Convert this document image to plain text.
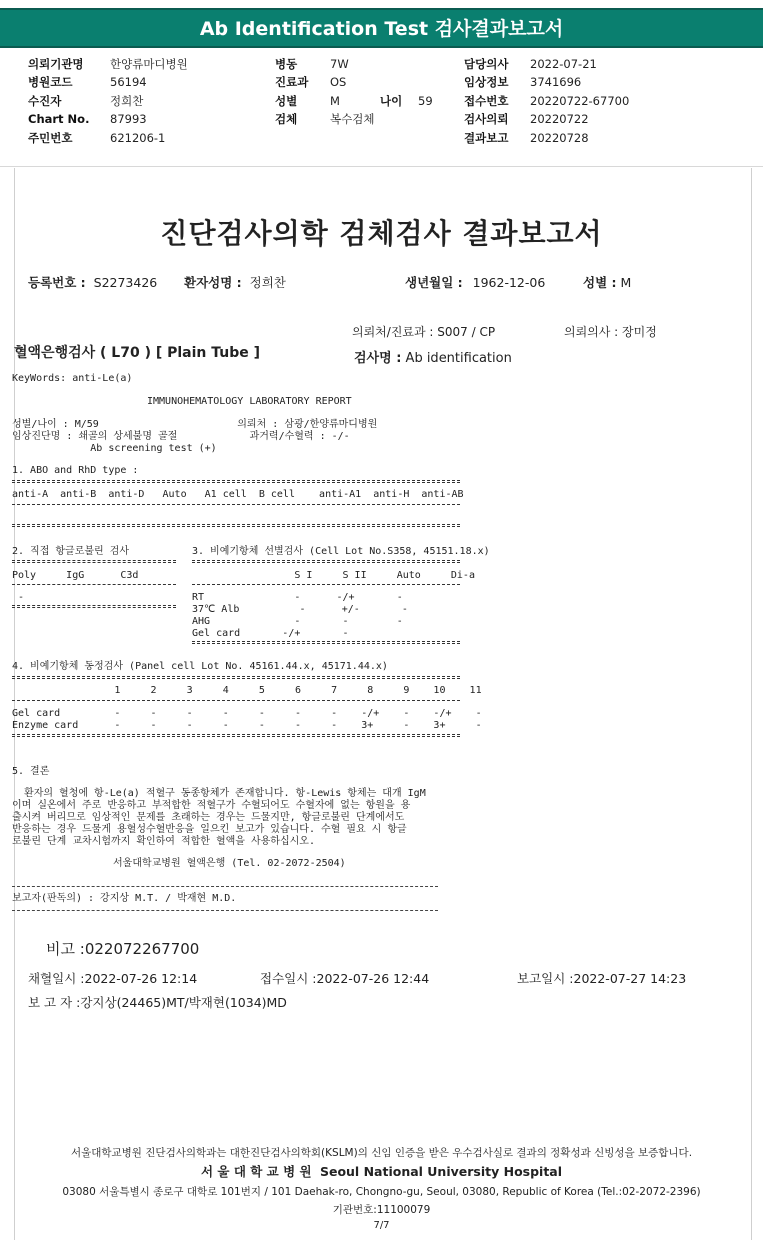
Ab Identification Test 검사결과보고서
의뢰기관명	한양류마디병원
병원코드	56194
수진자	정희찬
Chart No.	87993
주민번호	621206-1
병동	7W
진료과	OS
성별	M	나이	59
검체	복수검체
담당의사	2022-07-21
임상정보	3741696
접수번호	20220722-67700
검사의뢰	20220722
결과보고	20220728
진단검사의학 검체검사 결과보고서
등록번호 : S2273426 환자성명 : 정희찬	생년월일 : 1962-12-06	성별 : M
의뢰처/진료과 : S007 / CP	의뢰의사 : 장미정
혈액은행검사 ( L70 ) [ Plain Tube ]	검사명 : Ab identification
KeyWords: anti-Le(a)
IMMUNOHEMATOLOGY LABORATORY REPORT
성별/나이 : M/59                       의뢰처 : 삼광/한양류마디병원
임상진단명 : 쇄골의 상세불명 골절            과거력/수혈력 : -/-
Ab screening test (+)
1. ABO and RhD type :
anti-A  anti-B  anti-D   Auto   A1 cell  B cell    anti-A1  anti-H  anti-AB
2. 직접 항글로불린 검사	3. 비예기항체 선별검사 (Cell Lot No.S358, 45151.18.x)
Poly     IgG      C3d	S I     S II     Auto     Di-a
-	RT               -      -/+       -
37℃ Alb          -      +/-       -
AHG              -       -        -
Gel card       -/+       -
4. 비예기항체 동정검사 (Panel cell Lot No. 45161.44.x, 45171.44.x)
1     2     3     4     5     6     7     8     9    10    11
Gel card         -     -     -     -     -     -     -    -/+    -    -/+    -
Enzyme card      -     -     -     -     -     -     -    3+     -    3+     -
5. 결론
환자의 혈청에 항-Le(a) 적혈구 동종항체가 존재합니다. 항-Lewis 항체는 대개 IgM
이며 실온에서 주로 반응하고 부적합한 적혈구가 수혈되어도 수혈자에 없는 항원을 용
출시켜 버리므로 임상적인 문제를 초래하는 경우는 드물지만, 항글로불린 단계에서도
반응하는 경우 드물게 용혈성수혈반응을 일으킨 보고가 있습니다. 수혈 필요 시 항글
로불린 단계 교차시험까지 확인하여 적합한 혈액을 사용하십시오.
서울대학교병원 혈액은행 (Tel. 02-2072-2504)
보고자(판독의) : 강지상 M.T. / 박재현 M.D.
비고 :022072267700
채혈일시 :2022-07-26 12:14	접수일시 :2022-07-26 12:44	보고일시 :2022-07-27 14:23
보 고 자 :강지상(24465)MT/박재현(1034)MD
서울대학교병원 진단검사의학과는 대한진단검사의학회(KSLM)의 신임 인증을 받은 우수검사실로 결과의 정확성과 신빙성을 보증합니다.
서 울 대 학 교 병 원 Seoul National University Hospital
03080 서울특별시 종로구 대학로 101번지 / 101 Daehak-ro, Chongno-gu, Seoul, 03080, Republic of Korea (Tel.:02-2072-2396)
기관번호:11100079
7/7
